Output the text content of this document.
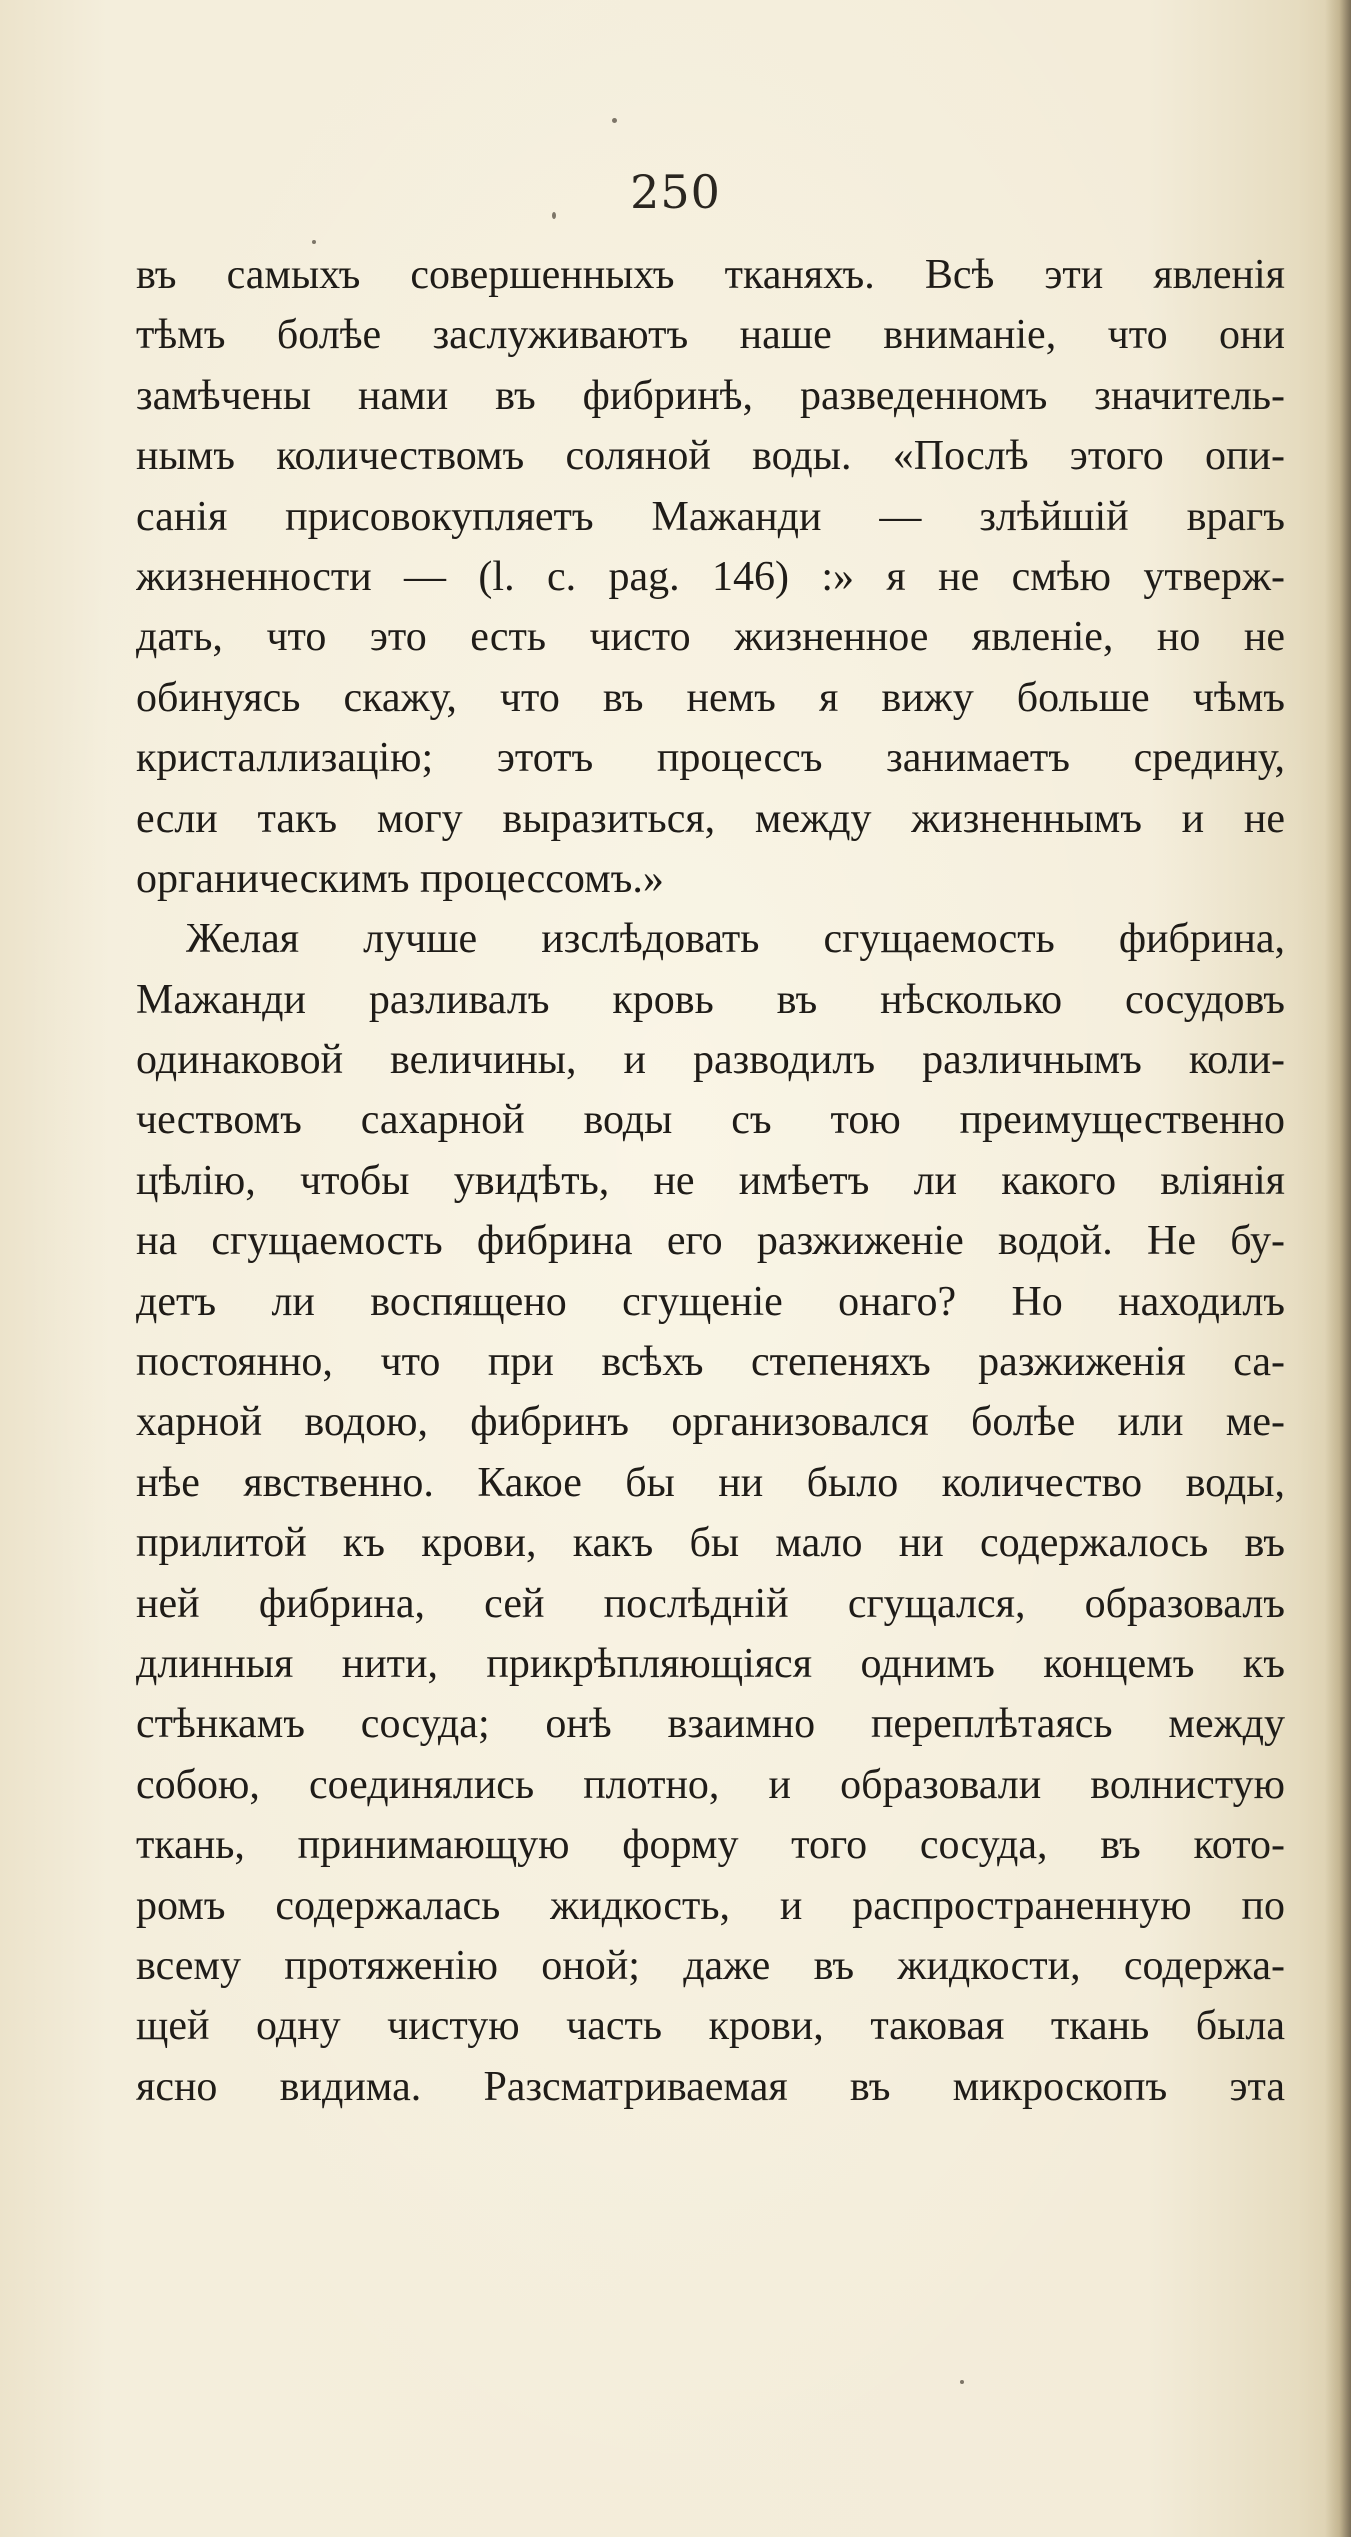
250
въ самыхъ совершенныхъ тканяхъ. Всѣ эти явленія
тѣмъ болѣе заслуживаютъ наше вниманіе, что они
замѣчены нами въ фибринѣ, разведенномъ значитель-
нымъ количествомъ соляной воды. «Послѣ этого опи-
санія присовокупляетъ Мажанди — злѣйшій врагъ
жизненности — (l. c. pag. 146) :» я не смѣю утверж-
дать, что это есть чисто жизненное явленіе, но не
обинуясь скажу, что въ немъ я вижу больше чѣмъ
кристаллизацію; этотъ процессъ занимаетъ средину,
если такъ могу выразиться, между жизненнымъ и не
органическимъ процессомъ.»
Желая лучше изслѣдовать сгущаемость фибрина,
Мажанди разливалъ кровь въ нѣсколько сосудовъ
одинаковой величины, и разводилъ различнымъ коли-
чествомъ сахарной воды съ тою преимущественно
цѣлію, чтобы увидѣть, не имѣетъ ли какого вліянія
на сгущаемость фибрина его разжиженіе водой. Не бу-
детъ ли воспящено сгущеніе онаго? Но находилъ
постоянно, что при всѣхъ степеняхъ разжиженія са-
харной водою, фибринъ организовался болѣе или ме-
нѣе явственно. Какое бы ни было количество воды,
прилитой къ крови, какъ бы мало ни содержалось въ
ней фибрина, сей послѣдній сгущался, образовалъ
длинныя нити, прикрѣпляющіяся однимъ концемъ къ
стѣнкамъ сосуда; онѣ взаимно переплѣтаясь между
собою, соединялись плотно, и образовали волнистую
ткань, принимающую форму того сосуда, въ кото-
ромъ содержалась жидкость, и распространенную по
всему протяженію оной; даже въ жидкости, содержа-
щей одну чистую часть крови, таковая ткань была
ясно видима. Разсматриваемая въ микроскопъ эта
